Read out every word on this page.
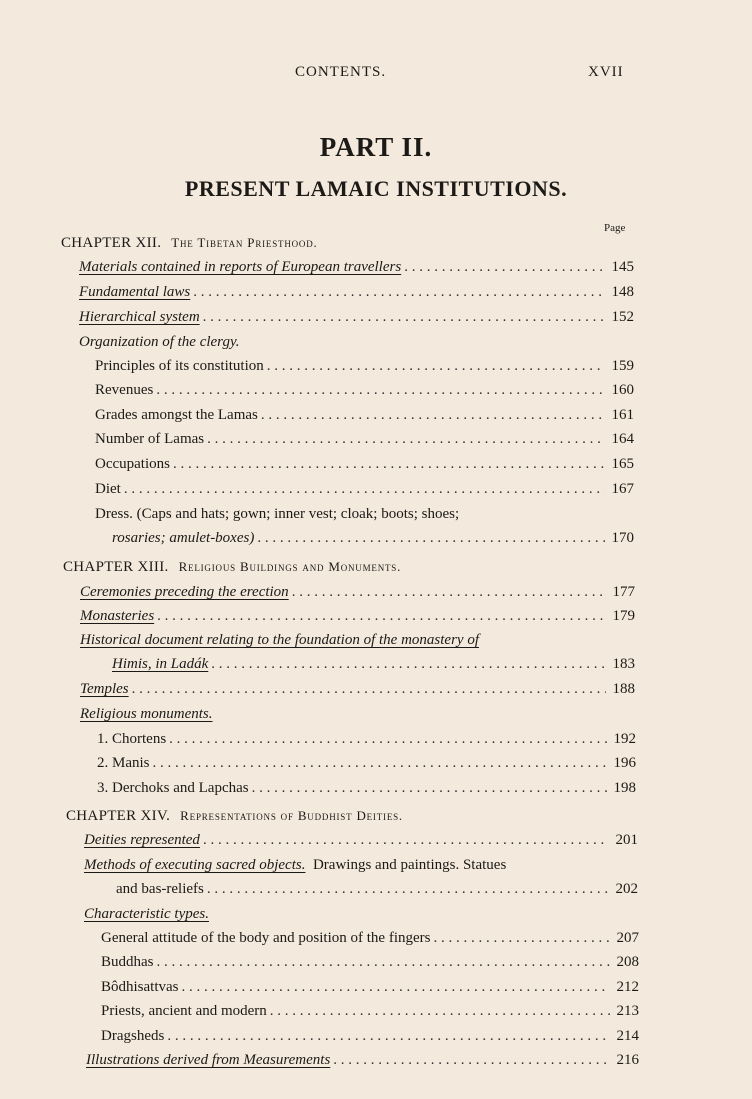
CONTENTS.	XVII
PART II.
PRESENT LAMAIC INSTITUTIONS.
Page
CHAPTER XII. The Tibetan Priesthood.
Materials contained in reports of European travellers . . .	145
Fundamental laws . . .	148
Hierarchical system . . .	152
Organization of the clergy.
Principles of its constitution . . .	159
Revenues . . .	160
Grades amongst the Lamas . . .	161
Number of Lamas . . .	164
Occupations . . .	165
Diet . . .	167
Dress. (Caps and hats; gown; inner vest; cloak; boots; shoes;
rosaries; amulet-boxes) . . .	170
CHAPTER XIII. Religious Buildings and Monuments.
Ceremonies preceding the erection . . .	177
Monasteries . . .	179
Historical document relating to the foundation of the monastery of
Himis, in Ladák . . .	183
Temples . . .	188
Religious monuments.
1. Chortens . . .	192
2. Manis . . .	196
3. Derchoks and Lapchas . . .	198
CHAPTER XIV. Representations of Buddhist Deities.
Deities represented . . .	201
Methods of executing sacred objects. Drawings and paintings. Statues
and bas-reliefs . . .	202
Characteristic types.
General attitude of the body and position of the fingers . . .	207
Buddhas . . .	208
Bôdhisattvas . . .	212
Priests, ancient and modern . . .	213
Dragsheds . . .	214
Illustrations derived from Measurements . . .	216
